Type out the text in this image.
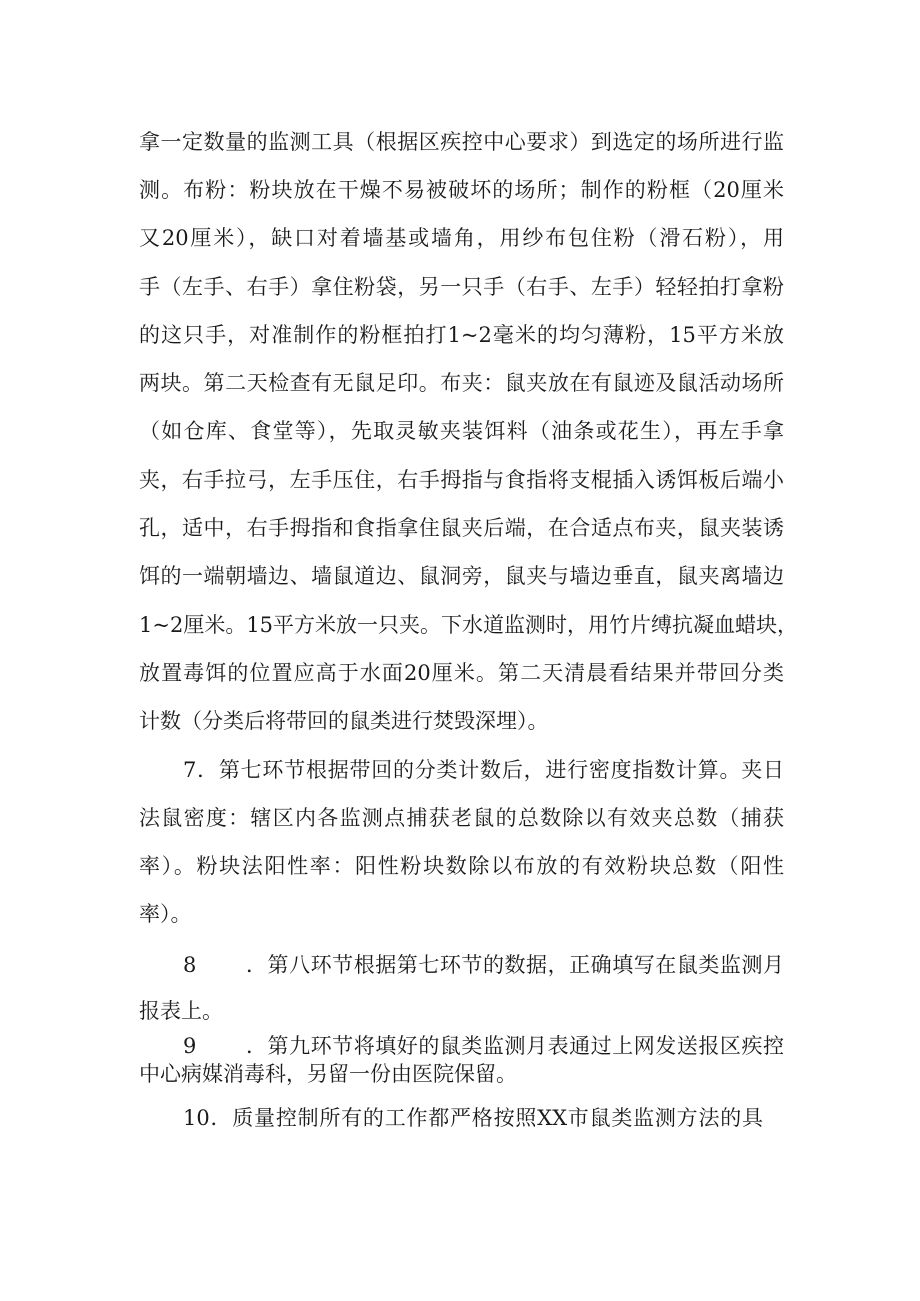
拿一定数量的监测工具（根据区疾控中心要求）到选定的场所进行监
测。布粉：粉块放在干燥不易被破坏的场所；制作的粉框（20厘米
又20厘米），缺口对着墙基或墙角，用纱布包住粉（滑石粉），用
手（左手、右手）拿住粉袋，另一只手（右手、左手）轻轻拍打拿粉
的这只手，对准制作的粉框拍打1~2毫米的均匀薄粉，15平方米放
两块。第二天检查有无鼠足印。布夹：鼠夹放在有鼠迹及鼠活动场所
（如仓库、食堂等），先取灵敏夹装饵料（油条或花生），再左手拿
夹，右手拉弓，左手压住，右手拇指与食指将支棍插入诱饵板后端小
孔，适中，右手拇指和食指拿住鼠夹后端，在合适点布夹，鼠夹装诱
饵的一端朝墙边、墙鼠道边、鼠洞旁，鼠夹与墙边垂直，鼠夹离墙边
1~2厘米。15平方米放一只夹。下水道监测时，用竹片缚抗凝血蜡块，
放置毒饵的位置应高于水面20厘米。第二天清晨看结果并带回分类
计数（分类后将带回的鼠类进行焚毁深埋）。
7．第七环节根据带回的分类计数后，进行密度指数计算。夹日
法鼠密度：辖区内各监测点捕获老鼠的总数除以有效夹总数（捕获
率）。粉块法阳性率：阳性粉块数除以布放的有效粉块总数（阳性
率）。
8 ．第八环节根据第七环节的数据，正确填写在鼠类监测月
报表上。
9 ．第九环节将填好的鼠类监测月表通过上网发送报区疾控
中心病媒消毒科，另留一份由医院保留。
10．质量控制所有的工作都严格按照XX市鼠类监测方法的具
